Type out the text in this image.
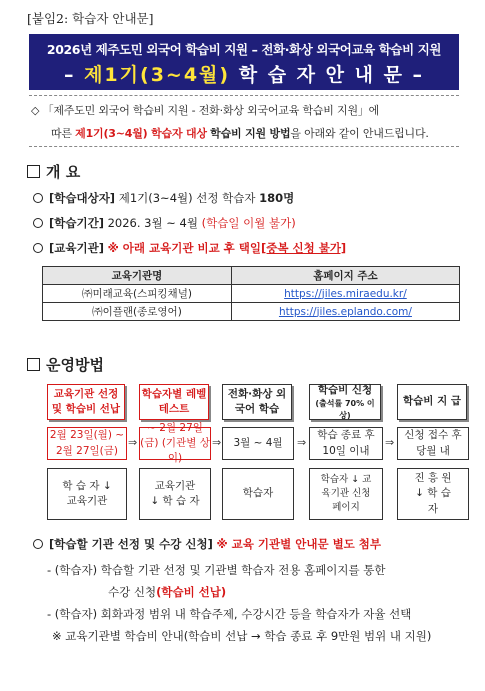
[붙임2: 학습자 안내문]
2026년 제주도민 외국어 학습비 지원 – 전화·화상 외국어교육 학습비 지원
– 제1기(3~4월) 학 습 자 안 내 문 –
◇ 「제주도민 외국어 학습비 지원 - 전화·화상 외국어교육 학습비 지원」에
따른 제1기(3~4월) 학습자 대상 학습비 지원 방법을 아래와 같이 안내드립니다.
개 요
[학습대상자] 제1기(3~4월) 선정 학습자 180명
[학습기간] 2026. 3월 ~ 4월 (학습일 이월 불가)
[교육기관] ※ 아래 교육기관 비교 후 택일[중복 신청 불가]
교육기관명	홈페이지 주소
㈜미래교육(스피킹채널)	https://jiles.miraedu.kr/
㈜이플랜(종로영어)	https://jiles.eplando.com/
운영방법
교육기관 선정 및 학습비 선납
학습자별 레벨테스트
전화·화상 외국어 학습
학습비 신청
(출석률 70% 이상)
학습비 지 급
2월 23일(월) ~ 2월 27일(금)
⇒
~ 2월 27일(금) (기관별 상이)
⇒	3월 ~ 4월	⇒
학습 종료 후 10일 이내
⇒
신청 접수 후 당월 내
학 습 자 ↓ 교육기관
교육기관 ↓ 학 습 자
학습자
학습자 ↓ 교육기관 신청 페이지
진 흥 원 ↓ 학 습 자
[학습할 기관 선정 및 수강 신청] ※ 교육 기관별 안내문 별도 첨부
- (학습자) 학습할 기관 선정 및 기관별 학습자 전용 홈페이지를 통한
수강 신청(학습비 선납)
- (학습자) 회화과정 범위 내 학습주제, 수강시간 등을 학습자가 자율 선택
※ 교육기관별 학습비 안내(학습비 선납 → 학습 종료 후 9만원 범위 내 지원)
